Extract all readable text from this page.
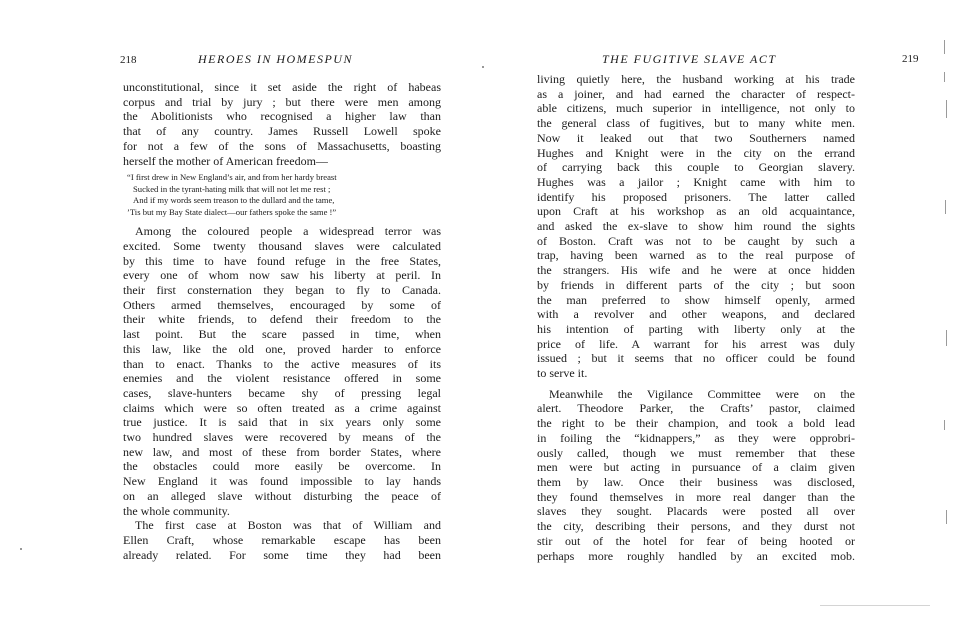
218	HEROES IN HOMESPUN

unconstitutional, since it set aside the right of habeas
corpus and trial by jury ; but there were men among
the Abolitionists who recognised a higher law than
that of any country. James Russell Lowell spoke
for not a few of the sons of Massachusetts, boasting
herself the mother of American freedom—

“I first drew in New England’s air, and from her hardy breast
Sucked in the tyrant-hating milk that will not let me rest ;
And if my words seem treason to the dullard and the tame,
’Tis but my Bay State dialect—our fathers spoke the same !”

Among the coloured people a widespread terror was
excited. Some twenty thousand slaves were calculated
by this time to have found refuge in the free States,
every one of whom now saw his liberty at peril. In
their first consternation they began to fly to Canada.
Others armed themselves, encouraged by some of
their white friends, to defend their freedom to the
last point. But the scare passed in time, when
this law, like the old one, proved harder to enforce
than to enact. Thanks to the active measures of its
enemies and the violent resistance offered in some
cases, slave-hunters became shy of pressing legal
claims which were so often treated as a crime against
true justice. It is said that in six years only some
two hundred slaves were recovered by means of the
new law, and most of these from border States, where
the obstacles could more easily be overcome. In
New England it was found impossible to lay hands
on an alleged slave without disturbing the peace of
the whole community.

The first case at Boston was that of William and
Ellen Craft, whose remarkable escape has been
already related. For some time they had been

THE FUGITIVE SLAVE ACT	219

living quietly here, the husband working at his trade
as a joiner, and had earned the character of respect-
able citizens, much superior in intelligence, not only to
the general class of fugitives, but to many white men.
Now it leaked out that two Southerners named
Hughes and Knight were in the city on the errand
of carrying back this couple to Georgian slavery.
Hughes was a jailor ; Knight came with him to
identify his proposed prisoners. The latter called
upon Craft at his workshop as an old acquaintance,
and asked the ex-slave to show him round the sights
of Boston. Craft was not to be caught by such a
trap, having been warned as to the real purpose of
the strangers. His wife and he were at once hidden
by friends in different parts of the city ; but soon
the man preferred to show himself openly, armed
with a revolver and other weapons, and declared
his intention of parting with liberty only at the
price of life. A warrant for his arrest was duly
issued ; but it seems that no officer could be found
to serve it.

Meanwhile the Vigilance Committee were on the
alert. Theodore Parker, the Crafts’ pastor, claimed
the right to be their champion, and took a bold lead
in foiling the “kidnappers,” as they were opprobri-
ously called, though we must remember that these
men were but acting in pursuance of a claim given
them by law. Once their business was disclosed,
they found themselves in more real danger than the
slaves they sought. Placards were posted all over
the city, describing their persons, and they durst not
stir out of the hotel for fear of being hooted or
perhaps more roughly handled by an excited mob.
